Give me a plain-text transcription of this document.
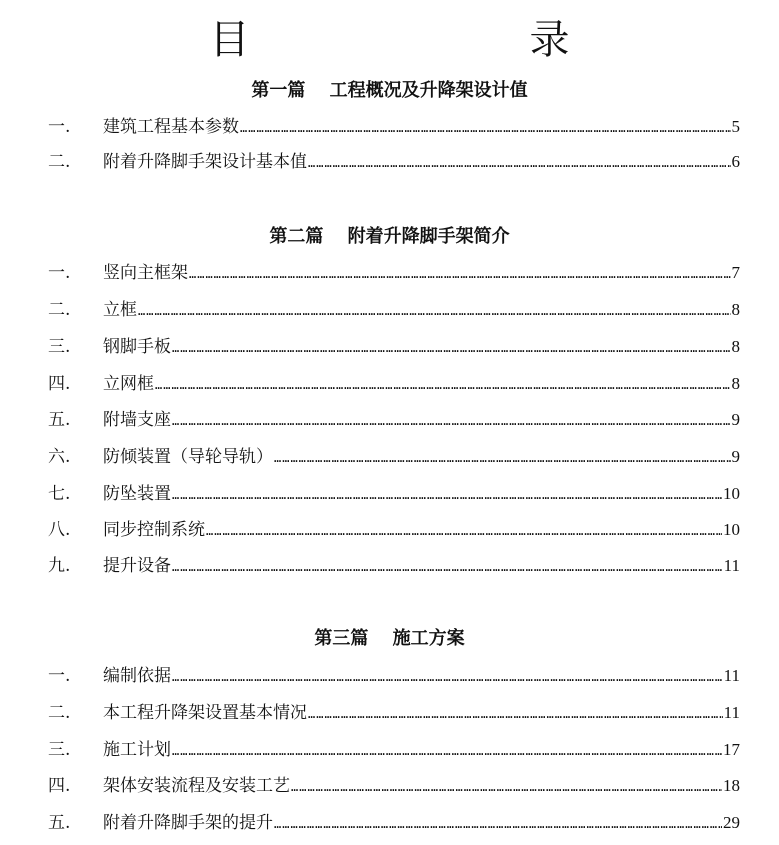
目　录
第一篇　 工程概况及升降架设计值
一.	建筑工程基本参数 ……………………………………………………………………………………………………………………………………………………………………………………………………………………………………………	5
二.	附着升降脚手架设计基本值 ……………………………………………………………………………………………………………………………………………………………………………………………………………………………………………	6
第二篇　 附着升降脚手架简介
一.	竖向主框架 ……………………………………………………………………………………………………………………………………………………………………………………………………………………………………………	7
二.	立框 ……………………………………………………………………………………………………………………………………………………………………………………………………………………………………………	8
三.	钢脚手板 ……………………………………………………………………………………………………………………………………………………………………………………………………………………………………………	8
四.	立网框 ……………………………………………………………………………………………………………………………………………………………………………………………………………………………………………	8
五.	附墙支座 ……………………………………………………………………………………………………………………………………………………………………………………………………………………………………………	9
六.	防倾装置（导轮导轨） ……………………………………………………………………………………………………………………………………………………………………………………………………………………………………………	9
七.	防坠装置 ……………………………………………………………………………………………………………………………………………………………………………………………………………………………………………	10
八.	同步控制系统 ……………………………………………………………………………………………………………………………………………………………………………………………………………………………………………	10
九.	提升设备 ……………………………………………………………………………………………………………………………………………………………………………………………………………………………………………	11
第三篇　 施工方案
一.	编制依据 ……………………………………………………………………………………………………………………………………………………………………………………………………………………………………………	11
二.	本工程升降架设置基本情况 ……………………………………………………………………………………………………………………………………………………………………………………………………………………………………………	11
三.	施工计划 ……………………………………………………………………………………………………………………………………………………………………………………………………………………………………………	17
四.	架体安装流程及安装工艺 ……………………………………………………………………………………………………………………………………………………………………………………………………………………………………………	18
五.	附着升降脚手架的提升 ……………………………………………………………………………………………………………………………………………………………………………………………………………………………………………	29
